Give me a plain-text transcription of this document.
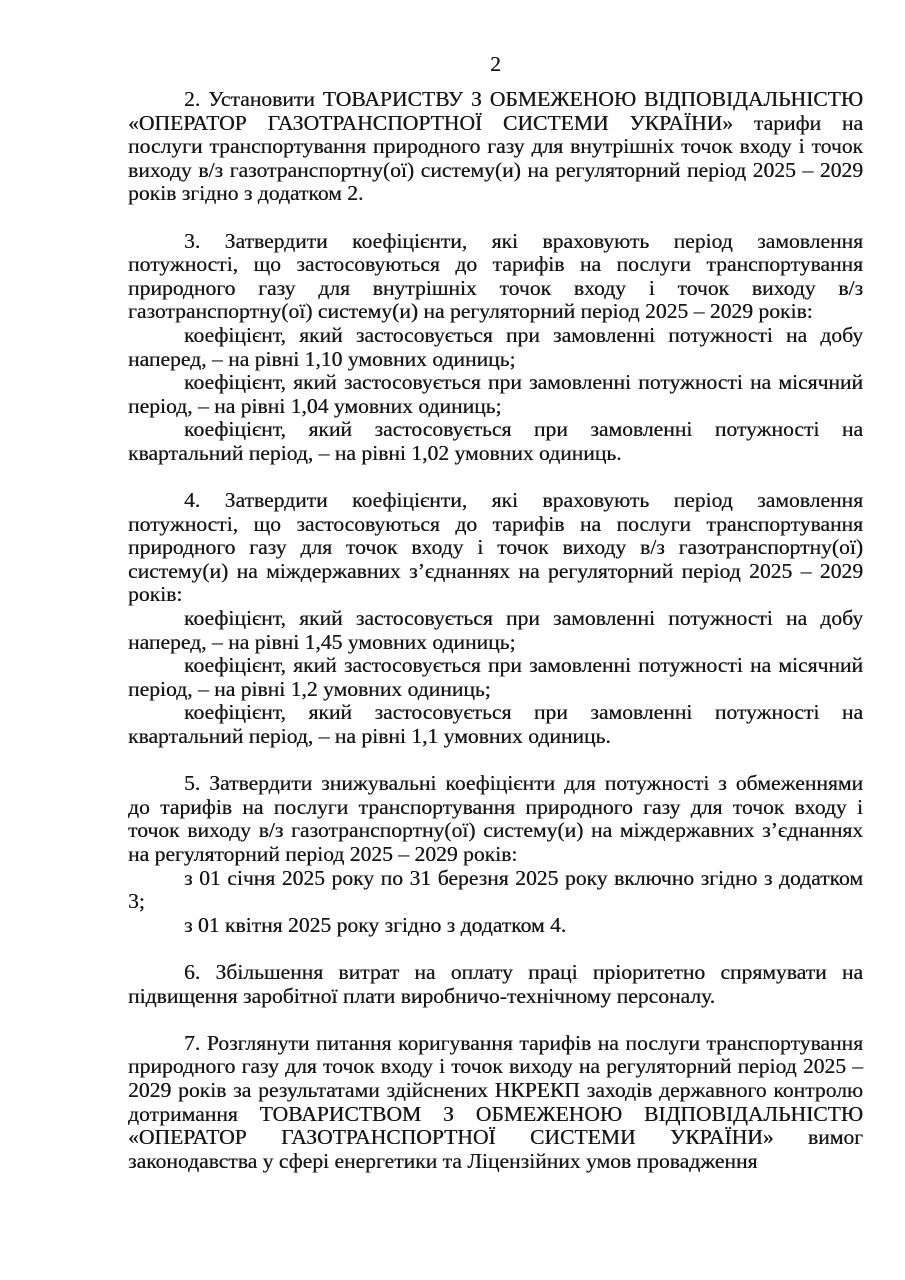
2

2. Установити ТОВАРИСТВУ З ОБМЕЖЕНОЮ ВІДПОВІДАЛЬНІСТЮ «ОПЕРАТОР ГАЗОТРАНСПОРТНОЇ СИСТЕМИ УКРАЇНИ» тарифи на послуги транспортування природного газу для внутрішніх точок входу і точок виходу в/з газотранспортну(ої) систему(и) на регуляторний період 2025 – 2029 років згідно з додатком 2.

3. Затвердити коефіцієнти, які враховують період замовлення потужності, що застосовуються до тарифів на послуги транспортування природного газу для внутрішніх точок входу і точок виходу в/з газотранспортну(ої) систему(и) на регуляторний період 2025 – 2029 років:

коефіцієнт, який застосовується при замовленні потужності на добу наперед, – на рівні 1,10 умовних одиниць;

коефіцієнт, який застосовується при замовленні потужності на місячний період, – на рівні 1,04 умовних одиниць;

коефіцієнт, який застосовується при замовленні потужності на квартальний період, – на рівні 1,02 умовних одиниць.

4. Затвердити коефіцієнти, які враховують період замовлення потужності, що застосовуються до тарифів на послуги транспортування природного газу для точок входу і точок виходу в/з газотранспортну(ої) систему(и) на міждержавних з’єднаннях на регуляторний період 2025 – 2029 років:

коефіцієнт, який застосовується при замовленні потужності на добу наперед, – на рівні 1,45 умовних одиниць;

коефіцієнт, який застосовується при замовленні потужності на місячний період, – на рівні 1,2 умовних одиниць;

коефіцієнт, який застосовується при замовленні потужності на квартальний період, – на рівні 1,1 умовних одиниць.

5. Затвердити знижувальні коефіцієнти для потужності з обмеженнями до тарифів на послуги транспортування природного газу для точок входу і точок виходу в/з газотранспортну(ої) систему(и) на міждержавних з’єднаннях на регуляторний період 2025 – 2029 років:

з 01 січня 2025 року по 31 березня 2025 року включно згідно з додатком 3;

з 01 квітня 2025 року згідно з додатком 4.

6. Збільшення витрат на оплату праці пріоритетно спрямувати на підвищення заробітної плати виробничо-технічному персоналу.

7. Розглянути питання коригування тарифів на послуги транспортування природного газу для точок входу і точок виходу на регуляторний період 2025 – 2029 років за результатами здійснених НКРЕКП заходів державного контролю дотримання ТОВАРИСТВОМ З ОБМЕЖЕНОЮ ВІДПОВІДАЛЬНІСТЮ «ОПЕРАТОР ГАЗОТРАНСПОРТНОЇ СИСТЕМИ УКРАЇНИ» вимог законодавства у сфері енергетики та Ліцензійних умов провадження
